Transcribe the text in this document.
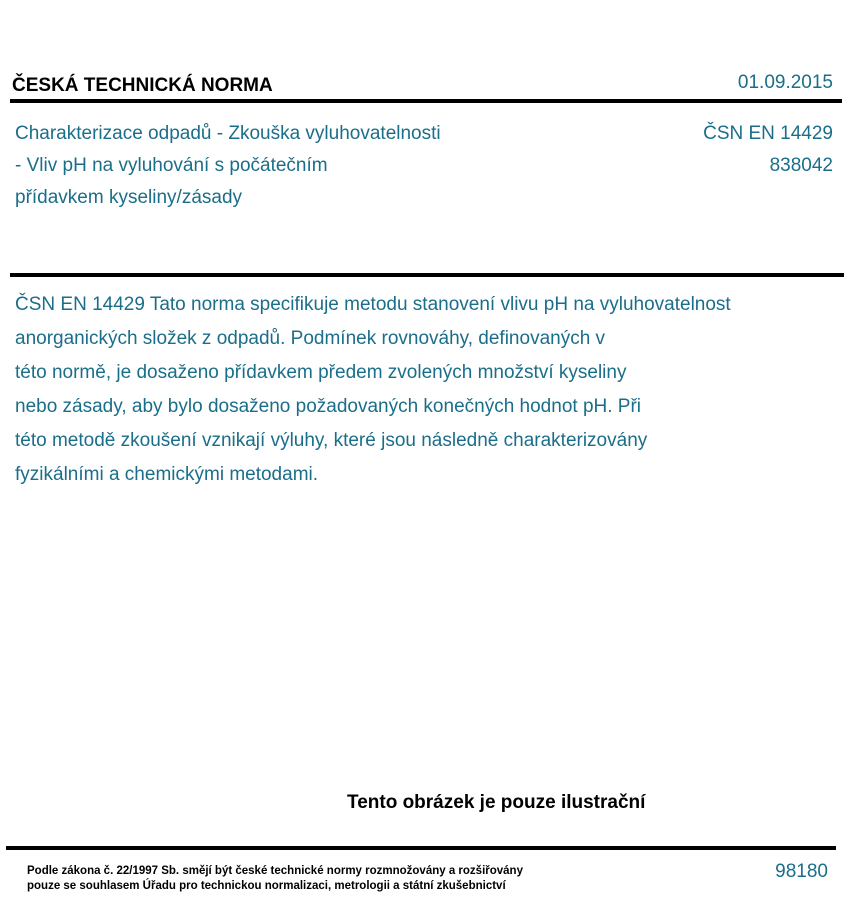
ČESKÁ TECHNICKÁ NORMA	01.09.2015
Charakterizace odpadů - Zkouška vyluhovatelnosti
- Vliv pH na vyluhování s počátečním
přídavkem kyseliny/zásady
ČSN EN 14429
838042
ČSN EN 14429 Tato norma specifikuje metodu stanovení vlivu pH na vyluhovatelnost
anorganických složek z odpadů. Podmínek rovnováhy, definovaných v
této normě, je dosaženo přídavkem předem zvolených množství kyseliny
nebo zásady, aby bylo dosaženo požadovaných konečných hodnot pH. Při
této metodě zkoušení vznikají výluhy, které jsou následně charakterizovány
fyzikálními a chemickými metodami.
Tento obrázek je pouze ilustrační
Podle zákona č. 22/1997 Sb. smějí být české technické normy rozmnožovány a rozšiřovány
pouze se souhlasem Úřadu pro technickou normalizaci, metrologii a státní zkušebnictví
98180
